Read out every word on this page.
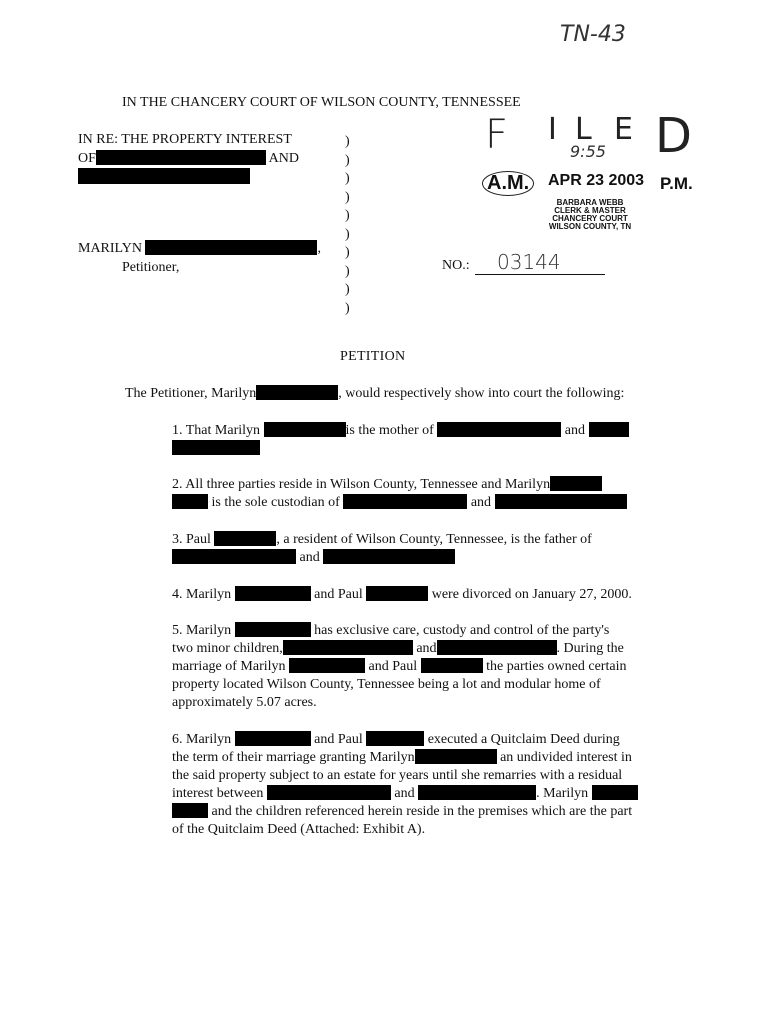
TN-43
IN THE CHANCERY COURT OF WILSON COUNTY, TENNESSEE
IN RE: THE PROPERTY INTEREST
OF	AND
MARILYN	,
Petitioner,
)
)
)
)
)
)
)
)
)
)
F I L E D
9:55
A.M.	APR 23 2003 P.M.
BARBARA WEBB
CLERK & MASTER
CHANCERY COURT
WILSON COUNTY, TN
NO.:	03144
PETITION
The Petitioner, Marilyn	, would respectively show into court the following:

1. That Marilyn	is the mother of	and

2. All three parties reside in Wilson County, Tennessee and Marilyn

is the sole custodian of	and

3. Paul	, a resident of Wilson County, Tennessee, is the father of

and

4. Marilyn	and Paul	were divorced on January 27, 2000.

5. Marilyn	has exclusive care, custody and control of the party's

two minor children,	and	. During the

marriage of Marilyn	and Paul	the parties owned certain

property located Wilson County, Tennessee being a lot and modular home of

approximately 5.07 acres.

6. Marilyn	and Paul	executed a Quitclaim Deed during

the term of their marriage granting Marilyn	an undivided interest in

the said property subject to an estate for years until she remarries with a residual

interest between	and	. Marilyn

and the children referenced herein reside in the premises which are the part

of the Quitclaim Deed (Attached: Exhibit A).
